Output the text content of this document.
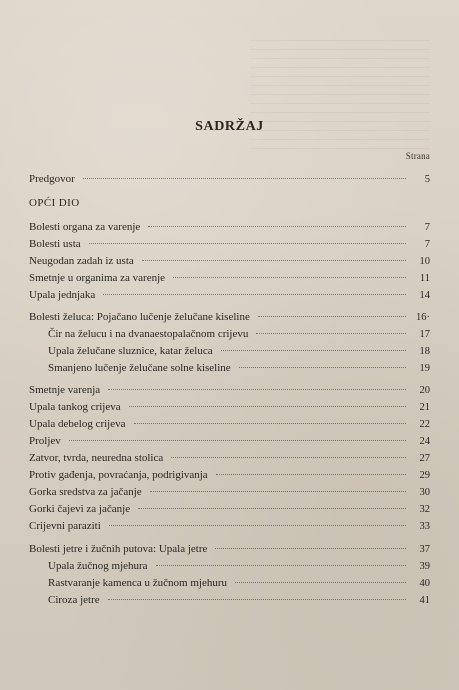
SADRŽAJ
Strana
Predgovor	5
OPĆI DIO
Bolesti organa za varenje	7
Bolesti usta	7
Neugodan zadah iz usta	10
Smetnje u organima za varenje	11
Upala jednjaka	14
Bolesti želuca: Pojačano lučenje želučane kiseline	16·
Čir na želucu i na dvanaestopalačnom crijevu	17
Upala želučane sluznice, katar želuca	18
Smanjeno lučenje želučane solne kiseline	19
Smetnje varenja	20
Upala tankog crijeva	21
Upala debelog crijeva	22
Proljev	24
Zatvor, tvrda, neuredna stolica	27
Protiv gađenja, povraćanja, podrigivanja	29
Gorka sredstva za jačanje	30
Gorki čajevi za jačanje	32
Crijevni paraziti	33
Bolesti jetre i žučnih putova: Upala jetre	37
Upala žučnog mjehura	39
Rastvaranje kamenca u žučnom mjehuru	40
Ciroza jetre	41
